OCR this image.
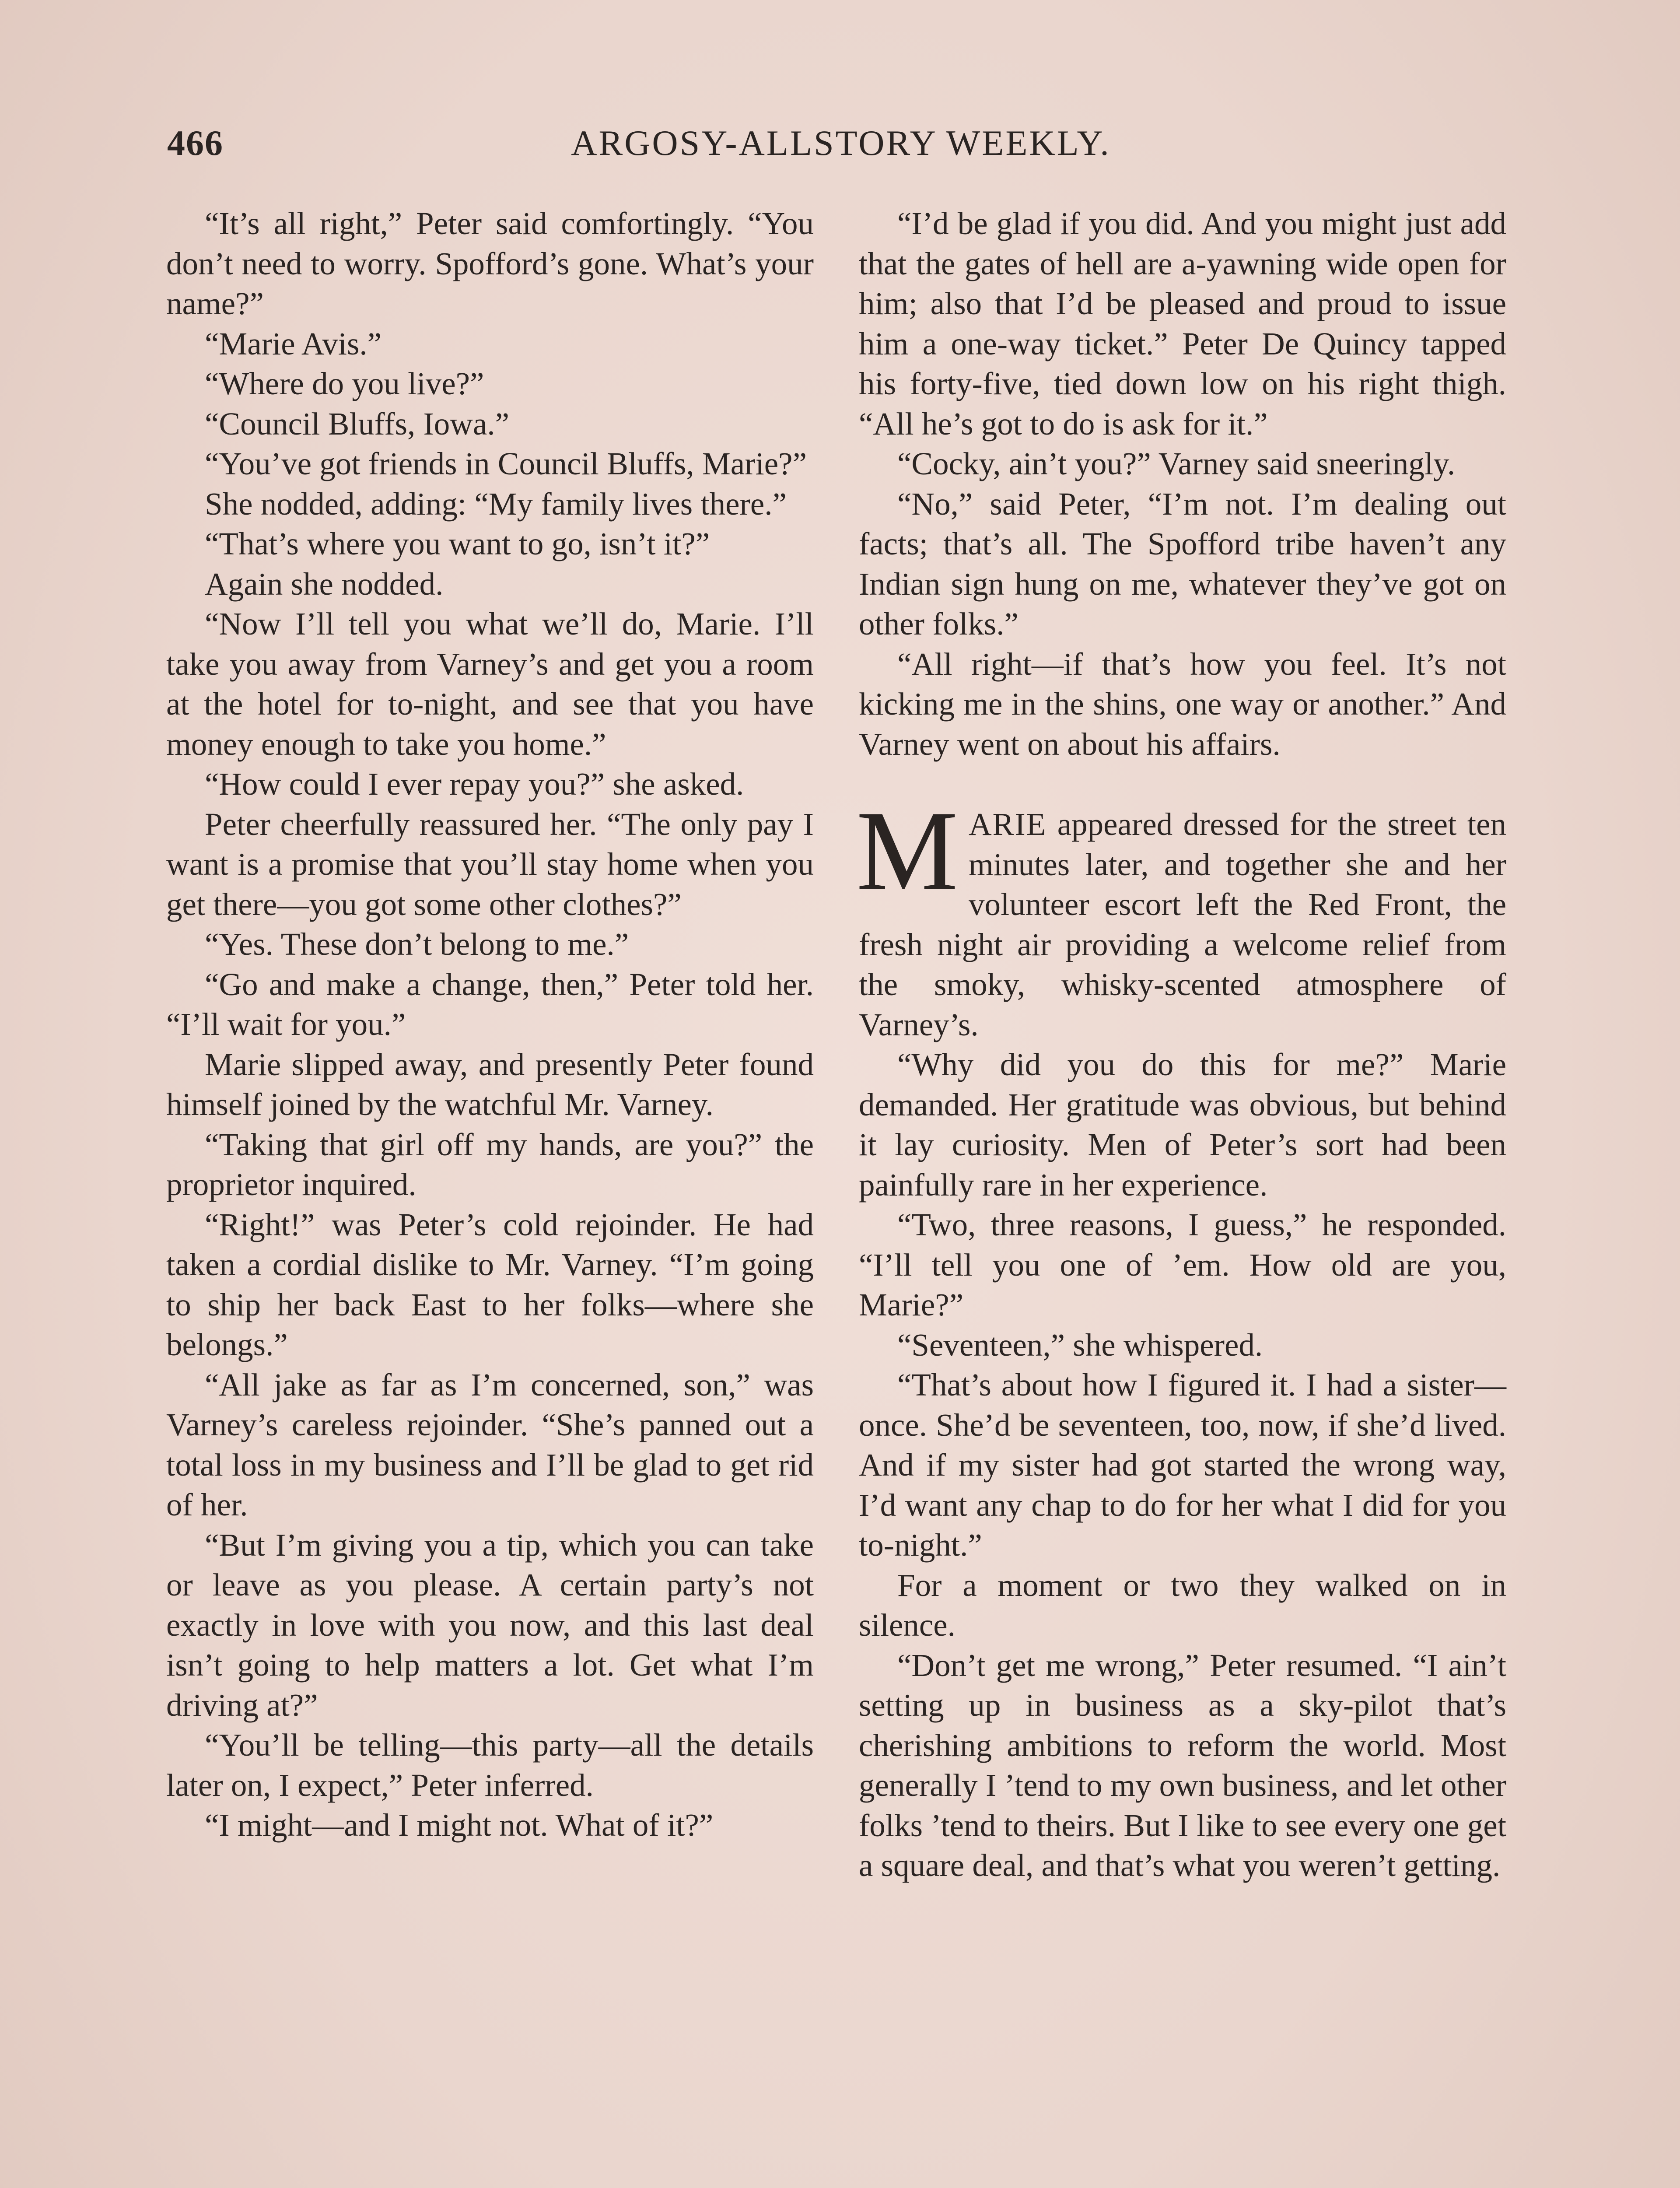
466	ARGOSY-ALLSTORY WEEKLY.

“It’s all right,” Peter said comfortingly. “You don’t need to worry. Spofford’s gone. What’s your name?”

“Marie Avis.”

“Where do you live?”

“Council Bluffs, Iowa.”

“You’ve got friends in Council Bluffs, Marie?”

She nodded, adding: “My family lives there.”

“That’s where you want to go, isn’t it?”

Again she nodded.

“Now I’ll tell you what we’ll do, Marie. I’ll take you away from Varney’s and get you a room at the hotel for to-night, and see that you have money enough to take you home.”

“How could I ever repay you?” she asked.

Peter cheerfully reassured her. “The only pay I want is a promise that you’ll stay home when you get there—you got some other clothes?”

“Yes. These don’t belong to me.”

“Go and make a change, then,” Peter told her. “I’ll wait for you.”

Marie slipped away, and presently Peter found himself joined by the watchful Mr. Varney.

“Taking that girl off my hands, are you?” the proprietor inquired.

“Right!” was Peter’s cold rejoinder. He had taken a cordial dislike to Mr. Varney. “I’m going to ship her back East to her folks—where she belongs.”

“All jake as far as I’m concerned, son,” was Varney’s careless rejoinder. “She’s panned out a total loss in my business and I’ll be glad to get rid of her.

“But I’m giving you a tip, which you can take or leave as you please. A certain party’s not exactly in love with you now, and this last deal isn’t going to help matters a lot. Get what I’m driving at?”

“You’ll be telling—this party—all the details later on, I expect,” Peter inferred.

“I might—and I might not. What of it?”

“I’d be glad if you did. And you might just add that the gates of hell are a-yawning wide open for him; also that I’d be pleased and proud to issue him a one-way ticket.” Peter De Quincy tapped his forty-five, tied down low on his right thigh. “All he’s got to do is ask for it.”

“Cocky, ain’t you?” Varney said sneeringly.

“No,” said Peter, “I’m not. I’m dealing out facts; that’s all. The Spofford tribe haven’t any Indian sign hung on me, whatever they’ve got on other folks.”

“All right—if that’s how you feel. It’s not kicking me in the shins, one way or another.” And Varney went on about his affairs.

MARIE appeared dressed for the street ten minutes later, and together she and her volunteer escort left the Red Front, the fresh night air providing a welcome relief from the smoky, whisky-scented atmosphere of Varney’s.

“Why did you do this for me?” Marie demanded. Her gratitude was obvious, but behind it lay curiosity. Men of Peter’s sort had been painfully rare in her experience.

“Two, three reasons, I guess,” he responded. “I’ll tell you one of ’em. How old are you, Marie?”

“Seventeen,” she whispered.

“That’s about how I figured it. I had a sister—once. She’d be seventeen, too, now, if she’d lived. And if my sister had got started the wrong way, I’d want any chap to do for her what I did for you to-night.”

For a moment or two they walked on in silence.

“Don’t get me wrong,” Peter resumed. “I ain’t setting up in business as a sky-pilot that’s cherishing ambitions to reform the world. Most generally I ’tend to my own business, and let other folks ’tend to theirs. But I like to see every one get a square deal, and that’s what you weren’t getting.
